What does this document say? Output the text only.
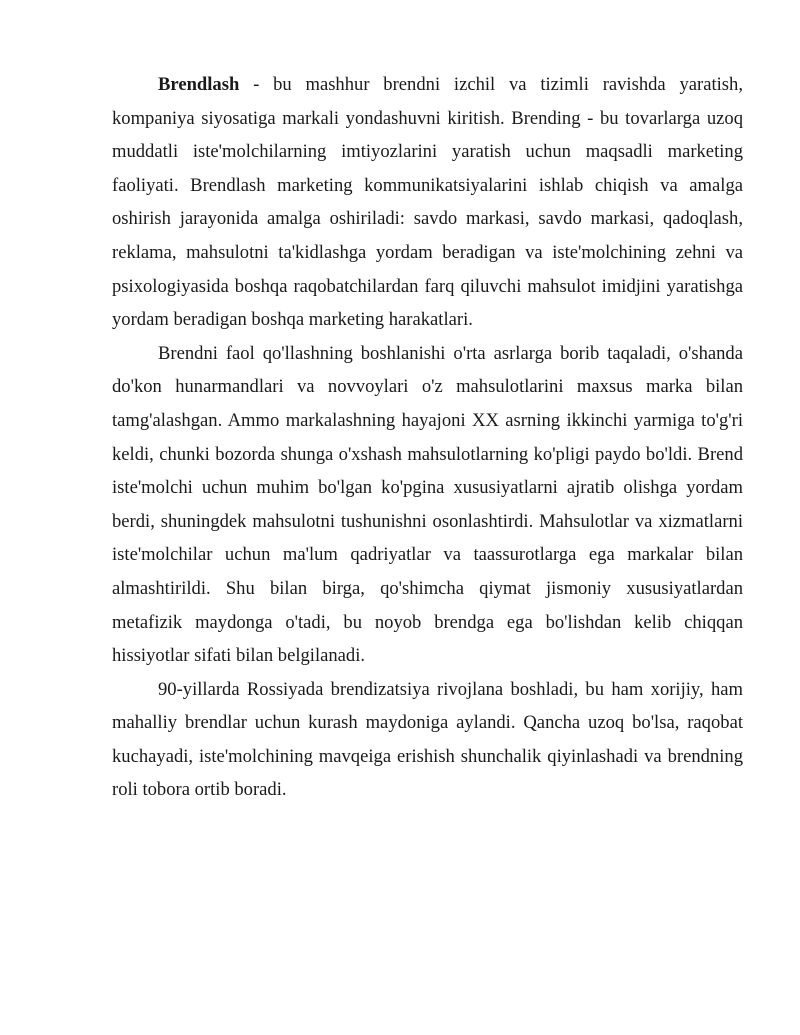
Brendlash - bu mashhur brendni izchil va tizimli ravishda yaratish, kompaniya siyosatiga markali yondashuvni kiritish. Brending - bu tovarlarga uzoq muddatli iste'molchilarning imtiyozlarini yaratish uchun maqsadli marketing faoliyati. Brendlash marketing kommunikatsiyalarini ishlab chiqish va amalga oshirish jarayonida amalga oshiriladi: savdo markasi, savdo markasi, qadoqlash, reklama, mahsulotni ta'kidlashga yordam beradigan va iste'molchining zehni va psixologiyasida boshqa raqobatchilardan farq qiluvchi mahsulot imidjini yaratishga yordam beradigan boshqa marketing harakatlari.

Brendni faol qo'llashning boshlanishi o'rta asrlarga borib taqaladi, o'shanda do'kon hunarmandlari va novvoylari o'z mahsulotlarini maxsus marka bilan tamg'alashgan. Ammo markalashning hayajoni XX asrning ikkinchi yarmiga to'g'ri keldi, chunki bozorda shunga o'xshash mahsulotlarning ko'pligi paydo bo'ldi. Brend iste'molchi uchun muhim bo'lgan ko'pgina xususiyatlarni ajratib olishga yordam berdi, shuningdek mahsulotni tushunishni osonlashtirdi. Mahsulotlar va xizmatlarni iste'molchilar uchun ma'lum qadriyatlar va taassurotlarga ega markalar bilan almashtirildi. Shu bilan birga, qo'shimcha qiymat jismoniy xususiyatlardan metafizik maydonga o'tadi, bu noyob brendga ega bo'lishdan kelib chiqqan hissiyotlar sifati bilan belgilanadi.

90-yillarda Rossiyada brendizatsiya rivojlana boshladi, bu ham xorijiy, ham mahalliy brendlar uchun kurash maydoniga aylandi. Qancha uzoq bo'lsa, raqobat kuchayadi, iste'molchining mavqeiga erishish shunchalik qiyinlashadi va brendning roli tobora ortib boradi.
